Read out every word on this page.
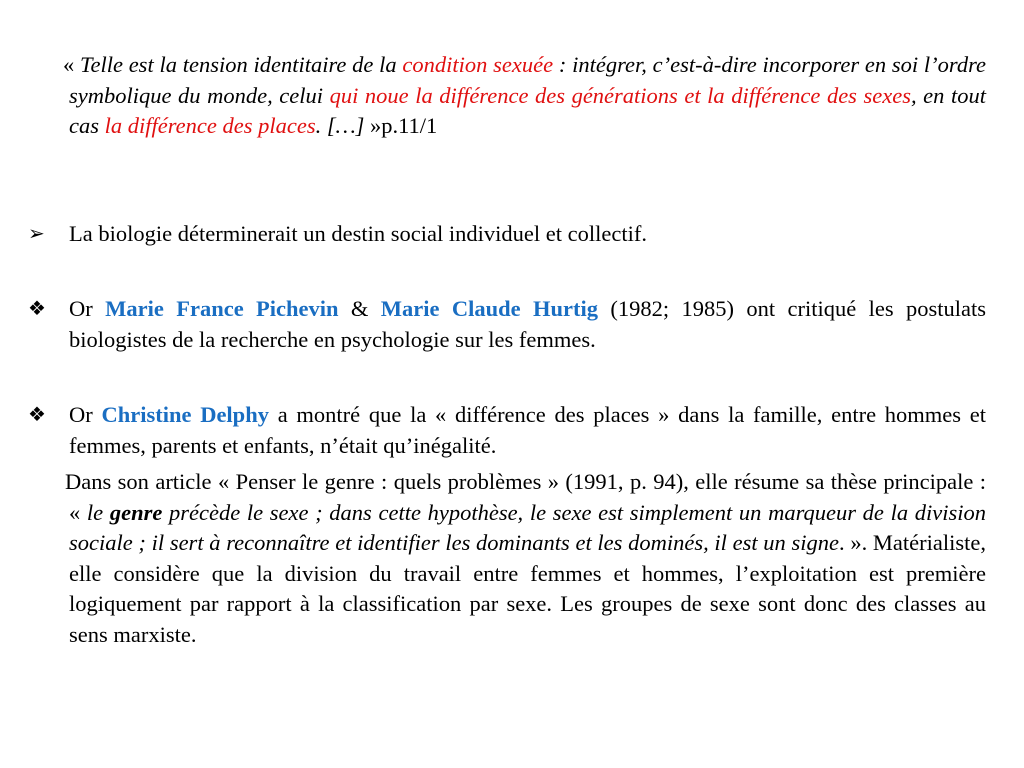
« Telle est la tension identitaire de la condition sexuée : intégrer, c’est-à-dire incorporer en soi l’ordre symbolique du monde, celui qui noue la différence des générations et la différence des sexes, en tout cas la différence des places. […] »p.11/1

➢ La biologie déterminerait un destin social individuel et collectif.

❖ Or Marie France Pichevin & Marie Claude Hurtig (1982; 1985) ont critiqué les postulats biologistes de la recherche en psychologie sur les femmes.

❖ Or Christine Delphy a montré que la « différence des places » dans la famille, entre hommes et femmes, parents et enfants, n’était qu’inégalité.

Dans son article « Penser le genre : quels problèmes » (1991, p. 94), elle résume sa thèse principale : « le genre précède le sexe ; dans cette hypothèse, le sexe est simplement un marqueur de la division sociale ; il sert à reconnaître et identifier les dominants et les dominés, il est un signe. ». Matérialiste, elle considère que la division du travail entre femmes et hommes, l’exploitation est première logiquement par rapport à la classification par sexe. Les groupes de sexe sont donc des classes au sens marxiste.
